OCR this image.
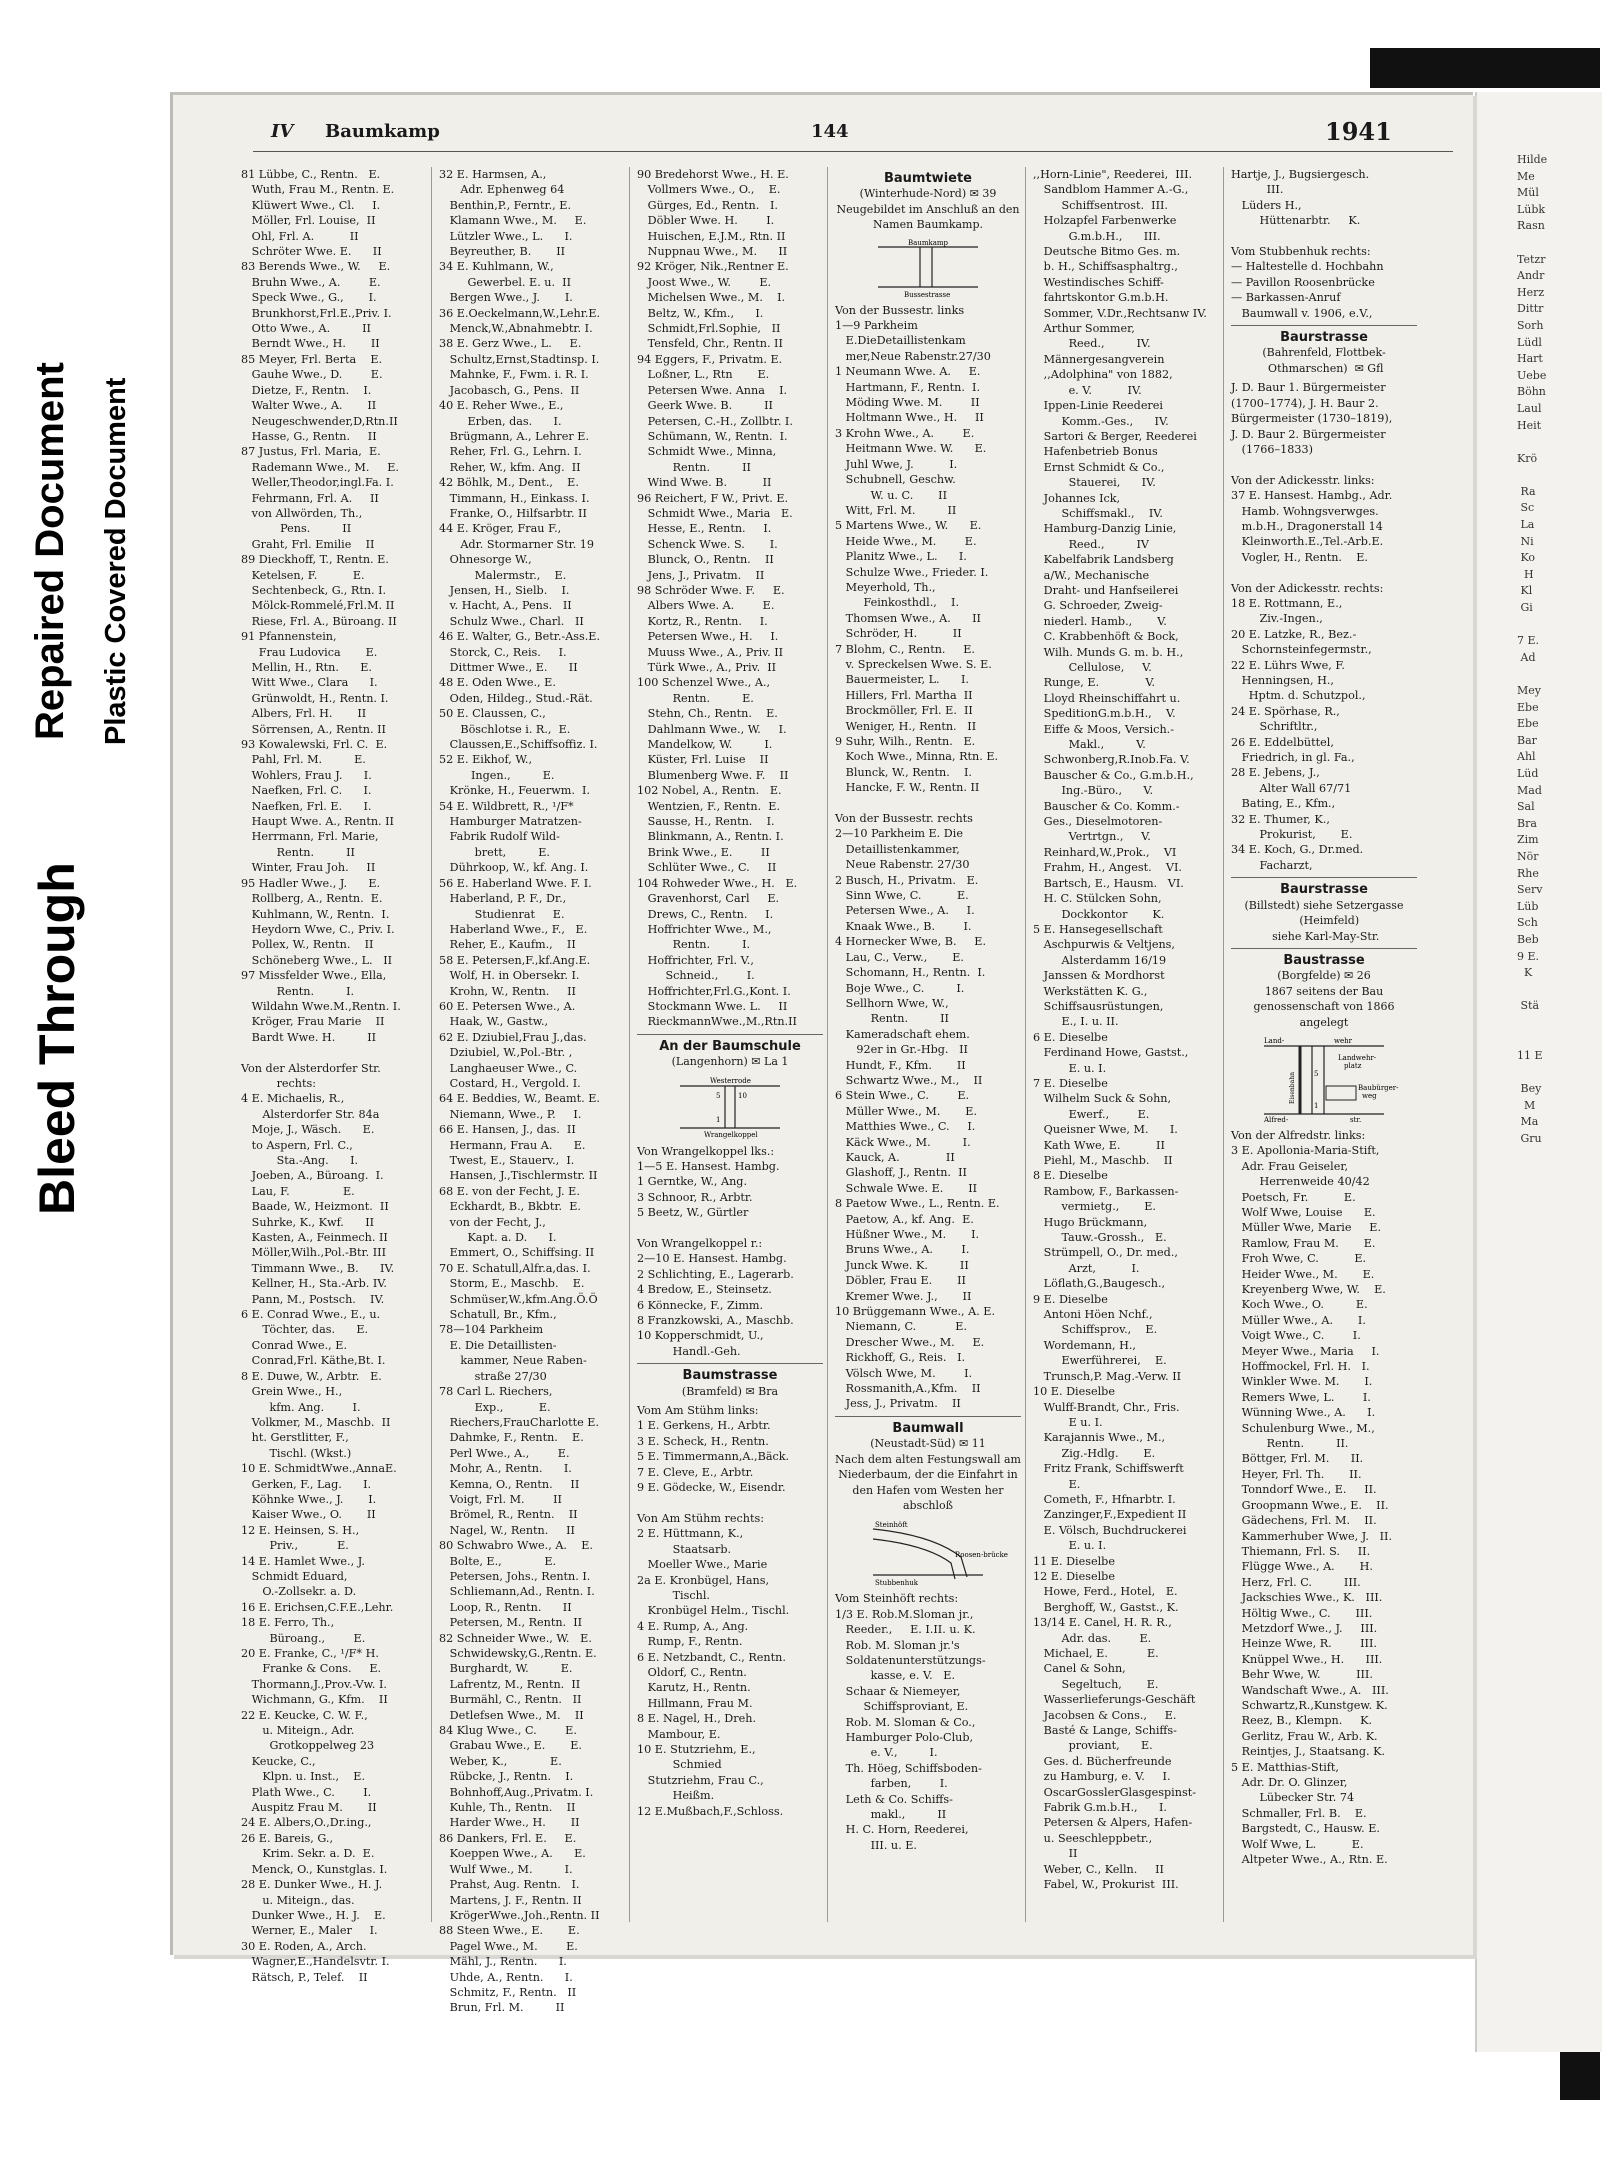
Bleed Through
Repaired Document Plastic Covered Document
Hilde
Me
Mül
Lübk
Rasn

Tetzr
Andr
Herz
Dittr
Sorh
Lüdl
Hart
Uebe
Böhn
Laul
Heit

Krö

Ra
Sc
La
Ni
Ko
H
Kl
Gi

7 E.
Ad

Mey
Ebe
Ebe
Bar
Ahl
Lüd
Mad
Sal
Bra
Zim
Nör
Rhe
Serv
Lüb
Sch
Beb
9 E.
K

Stä

11 E

Bey
M
Ma
Gru
IV Baumkamp	144	1941

81 Lübbe, C., Rentn.   E.
Wuth, Frau M., Rentn. E.
Klüwert Wwe., Cl.     I.
Möller, Frl. Louise,  II
Ohl, Frl. A.          II
Schröter Wwe. E.      II
83 Berends Wwe., W.     E.
Bruhn Wwe., A.        E.
Speck Wwe., G.,       I.
Brunkhorst,Frl.E.,Priv. I.
Otto Wwe., A.         II
Berndt Wwe., H.       II
85 Meyer, Frl. Berta    E.
Gauhe Wwe., D.        E.
Dietze, F., Rentn.    I.
Walter Wwe., A.       II
Neugeschwender,D,Rtn.II
Hasse, G., Rentn.     II
87 Justus, Frl. Maria,  E.
Rademann Wwe., M.     E.
Weller,Theodor,ingl.Fa. I.
Fehrmann, Frl. A.     II
von Allwörden, Th.,
Pens.         II
Graht, Frl. Emilie    II
89 Dieckhoff, T., Rentn. E.
Ketelsen, F.          E.
Sechtenbeck, G., Rtn. I.
Mölck-Rommelé,Frl.M. II
Riese, Frl. A., Büroang. II
91 Pfannenstein,
Frau Ludovica       E.
Mellin, H., Rtn.      E.
Witt Wwe., Clara      I.
Grünwoldt, H., Rentn. I.
Albers, Frl. H.       II
Sörrensen, A., Rentn. II
93 Kowalewski, Frl. C.  E.
Pahl, Frl. M.         E.
Wohlers, Frau J.      I.
Naefken, Frl. C.      I.
Naefken, Frl. E.      I.
Haupt Wwe. A., Rentn. II
Herrmann, Frl. Marie,
Rentn.         II
Winter, Frau Joh.     II
95 Hadler Wwe., J.      E.
Rollberg, A., Rentn.  E.
Kuhlmann, W., Rentn.  I.
Heydorn Wwe, C., Priv. I.
Pollex, W., Rentn.    II
Schöneberg Wwe., L.   II
97 Missfelder Wwe., Ella,
Rentn.         I.
Wildahn Wwe.M.,Rentn. I.
Kröger, Frau Marie    II
Bardt Wwe. H.         II

Von der Alsterdorfer Str.
rechts:
4 E. Michaelis, R.,
Alsterdorfer Str. 84a
Moje, J., Wäsch.      E.
to Aspern, Frl. C.,
Sta.-Ang.      I.
Joeben, A., Büroang.  I.
Lau, F.               E.
Baade, W., Heizmont.  II
Suhrke, K., Kwf.      II
Kasten, A., Feinmech. II
Möller,Wilh.,Pol.-Btr. III
Timmann Wwe., B.      IV.
Kellner, H., Sta.-Arb. IV.
Pann, M., Postsch.    IV.
6 E. Conrad Wwe., E., u.
Töchter, das.      E.
Conrad Wwe., E.
Conrad,Frl. Käthe,Bt. I.
8 E. Duwe, W., Arbtr.   E.
Grein Wwe., H.,
kfm. Ang.        I.
Volkmer, M., Maschb.  II
ht. Gerstlitter, F.,
Tischl. (Wkst.)
10 E. SchmidtWwe.,AnnaE.
Gerken, F., Lag.      I.
Köhnke Wwe., J.       I.
Kaiser Wwe., O.       II
12 E. Heinsen, S. H.,
Priv.,           E.
14 E. Hamlet Wwe., J.
Schmidt Eduard,
O.-Zollsekr. a. D.
16 E. Erichsen,C.F.E.,Lehr.
18 E. Ferro, Th.,
Büroang.,        E.
20 E. Franke, C., ¹/F* H.
Franke & Cons.     E.
Thormann,J.,Prov.-Vw. I.
Wichmann, G., Kfm.    II
22 E. Keucke, C. W. F.,
u. Miteign., Adr.
Grotkoppelweg 23
Keucke, C.,
Klpn. u. Inst.,    E.
Plath Wwe., C.        I.
Auspitz Frau M.       II
24 E. Albers,O.,Dr.ing.,
26 E. Bareis, G.,
Krim. Sekr. a. D.  E.
Menck, O., Kunstglas. I.
28 E. Dunker Wwe., H. J.
u. Miteign., das.
Dunker Wwe., H. J.    E.
Werner, E., Maler     I.
30 E. Roden, A., Arch.
Wagner,E.,Handelsvtr. I.
Rätsch, P., Telef.    II

32 E. Harmsen, A.,
Adr. Ephenweg 64
Benthin,P., Ferntr., E.
Klamann Wwe., M.     E.
Lützler Wwe., L.      I.
Beyreuther, B.       II
34 E. Kuhlmann, W.,
Gewerbel. E. u.  II
Bergen Wwe., J.       I.
36 E.Oeckelmann,W.,Lehr.E.
Menck,W.,Abnahmebtr. I.
38 E. Gerz Wwe., L.     E.
Schultz,Ernst,Stadtinsp. I.
Mahnke, F., Fwm. i. R. I.
Jacobasch, G., Pens.  II
40 E. Reher Wwe., E.,
Erben, das.      I.
Brügmann, A., Lehrer E.
Reher, Frl. G., Lehrn. I.
Reher, W., kfm. Ang.  II
42 Böhlk, M., Dent.,    E.
Timmann, H., Einkass. I.
Franke, O., Hilfsarbtr. II
44 E. Kröger, Frau F.,
Adr. Stormarner Str. 19
Ohnesorge W.,
Malermstr.,    E.
Jensen, H., Sielb.    I.
v. Hacht, A., Pens.   II
Schulz Wwe., Charl.   II
46 E. Walter, G., Betr.-Ass.E.
Storck, C., Reis.     I.
Dittmer Wwe., E.      II
48 E. Oden Wwe., E.
Oden, Hildeg., Stud.-Rät.
50 E. Claussen, C.,
Böschlotse i. R.,  E.
Claussen,E.,Schiffsoffiz. I.
52 E. Eikhof, W.,
Ingen.,         E.
Krönke, H., Feuerwm.  I.
54 E. Wildbrett, R., ¹/F*
Hamburger Matratzen-
Fabrik Rudolf Wild-
brett,         E.
Dührkoop, W., kf. Ang. I.
56 E. Haberland Wwe. F. I.
Haberland, P. F., Dr.,
Studienrat     E.
Haberland Wwe., F.,   E.
Reher, E., Kaufm.,    II
58 E. Petersen,F.,kf.Ang.E.
Wolf, H. in Obersekr. I.
Krohn, W., Rentn.     II
60 E. Petersen Wwe., A.
Haak, W., Gastw.,
62 E. Dziubiel,Frau J.,das.
Dziubiel, W.,Pol.-Btr. ,
Langhaeuser Wwe., C.
Costard, H., Vergold. I.
64 E. Beddies, W., Beamt. E.
Niemann, Wwe., P.     I.
66 E. Hansen, J., das.  II
Hermann, Frau A.      E.
Twest, E., Stauerv.,  I.
Hansen, J.,Tischlermstr. II
68 E. von der Fecht, J. E.
Eckhardt, B., Bkbtr.  E.
von der Fecht, J.,
Kapt. a. D.      I.
Emmert, O., Schiffsing. II
70 E. Schatull,Alfr.a,das. I.
Storm, E., Maschb.    E.
Schmüser,W.,kfm.Ang.Ö.Ö
Schatull, Br., Kfm.,
78—104 Parkheim
E. Die Detaillisten-
kammer, Neue Raben-
straße 27/30
78 Carl L. Riechers,
Exp.,          E.
Riechers,FrauCharlotte E.
Dahmke, F., Rentn.    E.
Perl Wwe., A.,        E.
Mohr, A., Rentn.      I.
Kemna, O., Rentn.     II
Voigt, Frl. M.        II
Brömel, R., Rentn.    II
Nagel, W., Rentn.     II
80 Schwabro Wwe., A.    E.
Bolte, E.,            E.
Petersen, Johs., Rentn. I.
Schliemann,Ad., Rentn. I.
Loop, R., Rentn.      II
Petersen, M., Rentn.  II
82 Schneider Wwe., W.   E.
Schwidewsky,G.,Rentn. E.
Burghardt, W.         E.
Lafrentz, M., Rentn.  II
Burmähl, C., Rentn.   II
Detlefsen Wwe., M.    II
84 Klug Wwe., C.        E.
Grabau Wwe., E.       E.
Weber, K.,            E.
Rübcke, J., Rentn.    I.
Bohnhoff,Aug.,Privatm. I.
Kuhle, Th., Rentn.    II
Harder Wwe., H.       II
86 Dankers, Frl. E.     E.
Koeppen Wwe., A.      E.
Wulf Wwe., M.         I.
Prahst, Aug. Rentn.   I.
Martens, J. F., Rentn. II
KrögerWwe.,Joh.,Rentn. II
88 Steen Wwe., E.       E.
Pagel Wwe., M.        E.
Mähl, J., Rentn.      I.
Uhde, A., Rentn.      I.
Schmitz, F., Rentn.   II
Brun, Frl. M.         II

90 Bredehorst Wwe., H. E.
Vollmers Wwe., O.,    E.
Gürges, Ed., Rentn.   I.
Döbler Wwe. H.        I.
Huischen, E.J.M., Rtn. II
Nuppnau Wwe., M.      II
92 Kröger, Nik.,Rentner E.
Joost Wwe., W.        E.
Michelsen Wwe., M.    I.
Beltz, W., Kfm.,      I.
Schmidt,Frl.Sophie,   II
Tensfeld, Chr., Rentn. II
94 Eggers, F., Privatm. E.
Loßner, L., Rtn       E.
Petersen Wwe. Anna    I.
Geerk Wwe. B.         II
Petersen, C.-H., Zollbtr. I.
Schümann, W., Rentn.  I.
Schmidt Wwe., Minna,
Rentn.         II
Wind Wwe. B.          II
96 Reichert, F W., Privt. E.
Schmidt Wwe., Maria   E.
Hesse, E., Rentn.     I.
Schenck Wwe. S.       I.
Blunck, O., Rentn.    II
Jens, J., Privatm.    II
98 Schröder Wwe. F.     E.
Albers Wwe. A.        E.
Kortz, R., Rentn.     I.
Petersen Wwe., H.     I.
Muuss Wwe., A., Priv. II
Türk Wwe., A., Priv.  II
100 Schenzel Wwe., A.,
Rentn.         E.
Stehn, Ch., Rentn.    E.
Dahlmann Wwe., W.     I.
Mandelkow, W.         I.
Küster, Frl. Luise    II
Blumenberg Wwe. F.    II
102 Nobel, A., Rentn.   E.
Wentzien, F., Rentn.  E.
Sausse, H., Rentn.    I.
Blinkmann, A., Rentn. I.
Brink Wwe., E.        II
Schlüter Wwe., C.     II
104 Rohweder Wwe., H.   E.
Gravenhorst, Carl     E.
Drews, C., Rentn.     I.
Hoffrichter Wwe., M.,
Rentn.         I.
Hoffrichter, Frl. V.,
Schneid.,        I.
Hoffrichter,Frl.G.,Kont. I.
Stockmann Wwe. L.     II
RieckmannWwe.,M.,Rtn.II

An der Baumschule
(Langenhorn) ✉ La 1
Westerrode
5	10
1
Wrangelkoppel

Von Wrangelkoppel lks.:
1—5 E. Hansest. Hambg.
1 Gerntke, W., Ang.
3 Schnoor, R., Arbtr.
5 Beetz, W., Gürtler

Von Wrangelkoppel r.:
2—10 E. Hansest. Hambg.
2 Schlichting, E., Lagerarb.
4 Bredow, E., Steinsetz.
6 Könnecke, F., Zimm.
8 Franzkowski, A., Maschb.
10 Kopperschmidt, U.,
Handl.-Geh.

Baumstrasse
(Bramfeld) ✉ Bra

Vom Am Stühm links:
1 E. Gerkens, H., Arbtr.
3 E. Scheck, H., Rentn.
5 E. Timmermann,A.,Bäck.
7 E. Cleve, E., Arbtr.
9 E. Gödecke, W., Eisendr.

Von Am Stühm rechts:
2 E. Hüttmann, K.,
Staatsarb.
Moeller Wwe., Marie
2a E. Kronbügel, Hans,
Tischl.
Kronbügel Helm., Tischl.
4 E. Rump, A., Ang.
Rump, F., Rentn.
6 E. Netzbandt, C., Rentn.
Oldorf, C., Rentn.
Karutz, H., Rentn.
Hillmann, Frau M.
8 E. Nagel, H., Dreh.
Mambour, E.
10 E. Stutzriehm, E.,
Schmied
Stutzriehm, Frau C.,
Heißm.
12 E.Mußbach,F.,Schloss.

Baumtwiete
(Winterhude-Nord) ✉ 39
Neugebildet im Anschluß an den Namen Baumkamp.
Baumkamp
Bussestrasse

Von der Bussestr. links
1—9 Parkheim
E.DieDetaillistenkam
mer,Neue Rabenstr.27/30
1 Neumann Wwe. A.     E.
Hartmann, F., Rentn.  I.
Möding Wwe. M.        II
Holtmann Wwe., H.     II
3 Krohn Wwe., A.        E.
Heitmann Wwe. W.      E.
Juhl Wwe, J.          I.
Schubnell, Geschw.
W. u. C.       II
Witt, Frl. M.         II
5 Martens Wwe., W.      E.
Heide Wwe., M.        E.
Planitz Wwe., L.      I.
Schulze Wwe., Frieder. I.
Meyerhold, Th.,
Feinkosthdl.,    I.
Thomsen Wwe., A.      II
Schröder, H.          II
7 Blohm, C., Rentn.     E.
v. Spreckelsen Wwe. S. E.
Bauermeister, L.      I.
Hillers, Frl. Martha  II
Brockmöller, Frl. E.  II
Weniger, H., Rentn.   II
9 Suhr, Wilh., Rentn.   E.
Koch Wwe., Minna, Rtn. E.
Blunck, W., Rentn.    I.
Hancke, F. W., Rentn. II

Von der Bussestr. rechts
2—10 Parkheim E. Die
Detaillistenkammer,
Neue Rabenstr. 27/30
2 Busch, H., Privatm.   E.
Sinn Wwe, C.          E.
Petersen Wwe., A.     I.
Knaak Wwe., B.        I.
4 Hornecker Wwe, B.     E.
Lau, C., Verw.,       E.
Schomann, H., Rentn.  I.
Boje Wwe., C.         I.
Sellhorn Wwe, W.,
Rentn.         II
Kameradschaft ehem.
92er in Gr.-Hbg.   II
Hundt, F., Kfm.       II
Schwartz Wwe., M.,    II
6 Stein Wwe., C.        E.
Müller Wwe., M.       E.
Matthies Wwe., C.     I.
Käck Wwe., M.         I.
Kauck, A.             II
Glashoff, J., Rentn.  II
Schwale Wwe. E.       II
8 Paetow Wwe., L., Rentn. E.
Paetow, A., kf. Ang.  E.
Hüßner Wwe., M.       I.
Bruns Wwe., A.        I.
Junck Wwe. K.         II
Döbler, Frau E.       II
Kremer Wwe. J.,       II
10 Brüggemann Wwe., A. E.
Niemann, C.           E.
Drescher Wwe., M.     E.
Rickhoff, G., Reis.   I.
Völsch Wwe, M.        I.
Rossmanith,A.,Kfm.    II
Jess, J., Privatm.    II

Baumwall
(Neustadt-Süd) ✉ 11
Nach dem alten Festungswall am Niederbaum, der die Einfahrt in den Hafen vom Westen her abschloß
Steinhöft
Roosen-brücke
Stubbenhuk

Vom Steinhöft rechts:
1/3 E. Rob.M.Sloman jr.,
Reeder.,     E. I.II. u. K.
Rob. M. Sloman jr.'s
Soldatenunterstützungs-
kasse, e. V.   E.
Schaar & Niemeyer,
Schiffsproviant, E.
Rob. M. Sloman & Co.,
Hamburger Polo-Club,
e. V.,         I.
Th. Höeg, Schiffsboden-
farben,        I.
Leth & Co. Schiffs-
makl.,         II
H. C. Horn, Reederei,
III. u. E.

,,Horn-Linie", Reederei,  III.
Sandblom Hammer A.-G.,
Schiffsentrost.  III.
Holzapfel Farbenwerke
G.m.b.H.,      III.
Deutsche Bitmo Ges. m.
b. H., Schiffsasphaltrg.,
Westindisches Schiff-
fahrtskontor G.m.b.H.
Sommer, V.Dr.,Rechtsanw IV.
Arthur Sommer,
Reed.,         IV.
Männergesangverein
,,Adolphina" von 1882,
e. V.          IV.
Ippen-Linie Reederei
Komm.-Ges.,      IV.
Sartori & Berger, Reederei
Hafenbetrieb Bonus
Ernst Schmidt & Co.,
Stauerei,      IV.
Johannes Ick,
Schiffsmakl.,    IV.
Hamburg-Danzig Linie,
Reed.,         IV
Kabelfabrik Landsberg
a/W., Mechanische
Draht- und Hanfseilerei
G. Schroeder, Zweig-
niederl. Hamb.,       V.
C. Krabbenhöft & Bock,
Wilh. Munds G. m. b. H.,
Cellulose,     V.
Runge, E.             V.
Lloyd Rheinschiffahrt u.
SpeditionG.m.b.H.,    V.
Eiffe & Moos, Versich.-
Makl.,         V.
Schwonberg,R.Inob.Fa. V.
Bauscher & Co., G.m.b.H.,
Ing.-Büro.,      V.
Bauscher & Co. Komm.-
Ges., Dieselmotoren-
Vertrtgn.,     V.
Reinhard,W.,Prok.,    VI
Frahm, H., Angest.    VI.
Bartsch, E., Hausm.   VI.
H. C. Stülcken Sohn,
Dockkontor       K.
5 E. Hansegesellschaft
Aschpurwis & Veltjens,
Alsterdamm 16/19
Janssen & Mordhorst
Werkstätten K. G.,
Schiffsausrüstungen,
E., I. u. II.
6 E. Dieselbe
Ferdinand Howe, Gastst.,
E. u. I.
7 E. Dieselbe
Wilhelm Suck & Sohn,
Ewerf.,        E.
Queisner Wwe, M.      I.
Kath Wwe, E.          II
Piehl, M., Maschb.    II
8 E. Dieselbe
Rambow, F., Barkassen-
vermietg.,       E.
Hugo Brückmann,
Tauw.-Grossh.,   E.
Strümpell, O., Dr. med.,
Arzt,          I.
Löflath,G.,Baugesch.,
9 E. Dieselbe
Antoni Höen Nchf.,
Schiffsprov.,    E.
Wordemann, H.,
Ewerführerei,    E.
Trunsch,P. Mag.-Verw. II
10 E. Dieselbe
Wulff-Brandt, Chr., Fris.
E u. I.
Karajannis Wwe., M.,
Zig.-Hdlg.       E.
Fritz Frank, Schiffswerft
E.
Cometh, F., Hfnarbtr. I.
Zanzinger,F.,Expedient II
E. Völsch, Buchdruckerei
E. u. I.
11 E. Dieselbe
12 E. Dieselbe
Howe, Ferd., Hotel,   E.
Berghoff, W., Gastst., K.
13/14 E. Canel, H. R. R.,
Adr. das.        E.
Michael, E.           E.
Canel & Sohn,
Segeltuch,       E.
Wasserlieferungs-Geschäft
Jacobsen & Cons.,     E.
Basté & Lange, Schiffs-
proviant,      E.
Ges. d. Bücherfreunde
zu Hamburg, e. V.     I.
OscarGosslerGlasgespinst-
Fabrik G.m.b.H.,      I.
Petersen & Alpers, Hafen-
u. Seeschleppbetr.,
II
Weber, C., Kelln.     II
Fabel, W., Prokurist  III.

Hartje, J., Bugsiergesch.
III.
Lüders H.,
Hüttenarbtr.     K.

Vom Stubbenhuk rechts:
— Haltestelle d. Hochbahn
— Pavillon Roosenbrücke
— Barkassen-Anruf
Baumwall v. 1906, e.V.,

Baurstrasse
(Bahrenfeld, Flottbek-
Othmarschen)  ✉ Gfl

J. D. Baur 1. Bürgermeister
(1700–1774), J. H. Baur 2.
Bürgermeister (1730–1819),
J. D. Baur 2. Bürgermeister
(1766–1833)

Von der Adickesstr. links:
37 E. Hansest. Hambg., Adr.
Hamb. Wohngsverwges.
m.b.H., Dragonerstall 14
Kleinworth.E.,Tel.-Arb.E.
Vogler, H., Rentn.    E.

Von der Adickesstr. rechts:
18 E. Rottmann, E.,
Ziv.-Ingen.,
20 E. Latzke, R., Bez.-
Schornsteinfegermstr.,
22 E. Lührs Wwe, F.
Henningsen, H.,
Hptm. d. Schutzpol.,
24 E. Spörhase, R.,
Schriftltr.,
26 E. Eddelbüttel,
Friedrich, in gl. Fa.,
28 E. Jebens, J.,
Alter Wall 67/71
Bating, E., Kfm.,
32 E. Thumer, K.,
Prokurist,       E.
34 E. Koch, G., Dr.med.
Facharzt,

Baurstrasse
(Billstedt) siehe Setzergasse
(Heimfeld)
siehe Karl-May-Str.
Baustrasse
(Borgfelde) ✉ 26
1867 seitens der Bau genossenschaft von 1866 angelegt
Land-	wehr
Landwehr-
platz
Eisenbahn	Baubürger-
weg
5
1
Alfred-	str.

Von der Alfredstr. links:
3 E. Apollonia-Maria-Stift,
Adr. Frau Geiseler,
Herrenweide 40/42
Poetsch, Fr.          E.
Wolf Wwe, Louise      E.
Müller Wwe, Marie     E.
Ramlow, Frau M.       E.
Froh Wwe, C.          E.
Heider Wwe., M.       E.
Kreyenberg Wwe, W.    E.
Koch Wwe., O.         E.
Müller Wwe., A.       I.
Voigt Wwe., C.        I.
Meyer Wwe., Maria     I.
Hoffmockel, Frl. H.   I.
Winkler Wwe. M.       I.
Remers Wwe, L.        I.
Wünning Wwe., A.      I.
Schulenburg Wwe., M.,
Rentn.         II.
Böttger, Frl. M.      II.
Heyer, Frl. Th.       II.
Tonndorf Wwe., E.     II.
Groopmann Wwe., E.    II.
Gädechens, Frl. M.    II.
Kammerhuber Wwe, J.   II.
Thiemann, Frl. S.     II.
Flügge Wwe., A.       H.
Herz, Frl. C.         III.
Jackschies Wwe., K.   III.
Höltig Wwe., C.       III.
Metzdorf Wwe., J.     III.
Heinze Wwe, R.        III.
Knüppel Wwe., H.      III.
Behr Wwe, W.          III.
Wandschaft Wwe., A.   III.
Schwartz,R.,Kunstgew. K.
Reez, B., Klempn.     K.
Gerlitz, Frau W., Arb. K.
Reintjes, J., Staatsang. K.
5 E. Matthias-Stift,
Adr. Dr. O. Glinzer,
Lübecker Str. 74
Schmaller, Frl. B.    E.
Bargstedt, C., Hausw. E.
Wolf Wwe, L.          E.
Altpeter Wwe., A., Rtn. E.
